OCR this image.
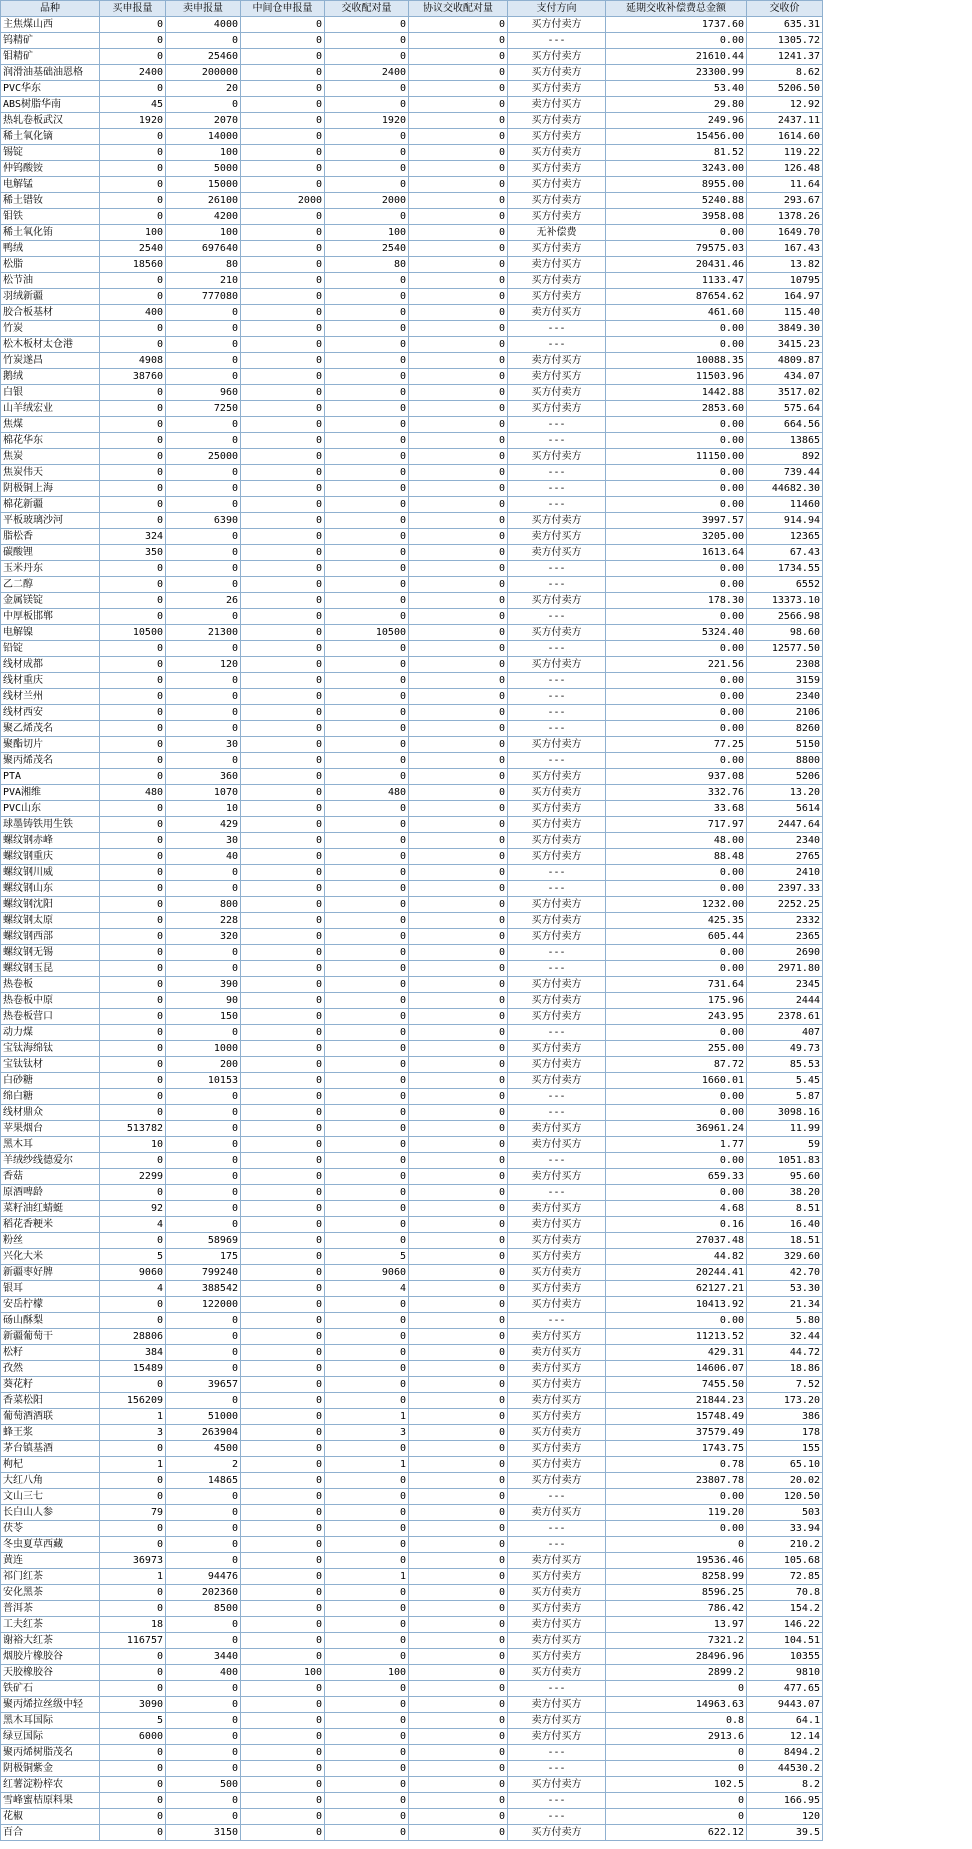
品种	买申报量	卖申报量	中间仓申报量	交收配对量	协议交收配对量	支付方向	延期交收补偿费总金额	交收价
主焦煤山西	0	4000	0	0	0	买方付卖方	1737.60	635.31
钨精矿	0	0	0	0	0	---	0.00	1305.72
钼精矿	0	25460	0	0	0	买方付卖方	21610.44	1241.37
润滑油基础油恩格	2400	200000	0	2400	0	买方付卖方	23300.99	8.62
PVC华东	0	20	0	0	0	买方付卖方	53.40	5206.50
ABS树脂华南	45	0	0	0	0	卖方付买方	29.80	12.92
热轧卷板武汉	1920	2070	0	1920	0	买方付卖方	249.96	2437.11
稀土氧化镝	0	14000	0	0	0	买方付卖方	15456.00	1614.60
锡锭	0	100	0	0	0	买方付卖方	81.52	119.22
仲钨酸铵	0	5000	0	0	0	买方付卖方	3243.00	126.48
电解锰	0	15000	0	0	0	买方付卖方	8955.00	11.64
稀土镨钕	0	26100	2000	2000	0	买方付卖方	5240.88	293.67
钼铁	0	4200	0	0	0	买方付卖方	3958.08	1378.26
稀土氧化铕	100	100	0	100	0	无补偿费	0.00	1649.70
鸭绒	2540	697640	0	2540	0	买方付卖方	79575.03	167.43
松脂	18560	80	0	80	0	卖方付买方	20431.46	13.82
松节油	0	210	0	0	0	买方付卖方	1133.47	10795
羽绒新疆	0	777080	0	0	0	买方付卖方	87654.62	164.97
胶合板基材	400	0	0	0	0	卖方付买方	461.60	115.40
竹炭	0	0	0	0	0	---	0.00	3849.30
松木板材太仓港	0	0	0	0	0	---	0.00	3415.23
竹炭遂昌	4908	0	0	0	0	卖方付买方	10088.35	4809.87
鹅绒	38760	0	0	0	0	卖方付买方	11503.96	434.07
白银	0	960	0	0	0	买方付卖方	1442.88	3517.02
山羊绒宏业	0	7250	0	0	0	买方付卖方	2853.60	575.64
焦煤	0	0	0	0	0	---	0.00	664.56
棉花华东	0	0	0	0	0	---	0.00	13865
焦炭	0	25000	0	0	0	买方付卖方	11150.00	892
焦炭伟天	0	0	0	0	0	---	0.00	739.44
阴极铜上海	0	0	0	0	0	---	0.00	44682.30
棉花新疆	0	0	0	0	0	---	0.00	11460
平板玻璃沙河	0	6390	0	0	0	买方付卖方	3997.57	914.94
脂松香	324	0	0	0	0	卖方付买方	3205.00	12365
碳酸锂	350	0	0	0	0	卖方付买方	1613.64	67.43
玉米丹东	0	0	0	0	0	---	0.00	1734.55
乙二醇	0	0	0	0	0	---	0.00	6552
金属镁锭	0	26	0	0	0	买方付卖方	178.30	13373.10
中厚板邯郸	0	0	0	0	0	---	0.00	2566.98
电解镍	10500	21300	0	10500	0	买方付卖方	5324.40	98.60
铅锭	0	0	0	0	0	---	0.00	12577.50
线材成都	0	120	0	0	0	买方付卖方	221.56	2308
线材重庆	0	0	0	0	0	---	0.00	3159
线材兰州	0	0	0	0	0	---	0.00	2340
线材西安	0	0	0	0	0	---	0.00	2106
聚乙烯茂名	0	0	0	0	0	---	0.00	8260
聚酯切片	0	30	0	0	0	买方付卖方	77.25	5150
聚丙烯茂名	0	0	0	0	0	---	0.00	8800
PTA	0	360	0	0	0	买方付卖方	937.08	5206
PVA湘维	480	1070	0	480	0	买方付卖方	332.76	13.20
PVC山东	0	10	0	0	0	买方付卖方	33.68	5614
球墨铸铁用生铁	0	429	0	0	0	买方付卖方	717.97	2447.64
螺纹钢赤峰	0	30	0	0	0	买方付卖方	48.00	2340
螺纹钢重庆	0	40	0	0	0	买方付卖方	88.48	2765
螺纹钢川威	0	0	0	0	0	---	0.00	2410
螺纹钢山东	0	0	0	0	0	---	0.00	2397.33
螺纹钢沈阳	0	800	0	0	0	买方付卖方	1232.00	2252.25
螺纹钢太原	0	228	0	0	0	买方付卖方	425.35	2332
螺纹钢西部	0	320	0	0	0	买方付卖方	605.44	2365
螺纹钢无锡	0	0	0	0	0	---	0.00	2690
螺纹钢玉昆	0	0	0	0	0	---	0.00	2971.80
热卷板	0	390	0	0	0	买方付卖方	731.64	2345
热卷板中原	0	90	0	0	0	买方付卖方	175.96	2444
热卷板营口	0	150	0	0	0	买方付卖方	243.95	2378.61
动力煤	0	0	0	0	0	---	0.00	407
宝钛海绵钛	0	1000	0	0	0	买方付卖方	255.00	49.73
宝钛钛材	0	200	0	0	0	买方付卖方	87.72	85.53
白砂糖	0	10153	0	0	0	买方付卖方	1660.01	5.45
绵白糖	0	0	0	0	0	---	0.00	5.87
线材鼎众	0	0	0	0	0	---	0.00	3098.16
苹果烟台	513782	0	0	0	0	卖方付买方	36961.24	11.99
黑木耳	10	0	0	0	0	卖方付买方	1.77	59
羊绒纱线德爱尔	0	0	0	0	0	---	0.00	1051.83
香菇	2299	0	0	0	0	卖方付买方	659.33	95.60
原酒啤龄	0	0	0	0	0	---	0.00	38.20
菜籽油红蜻蜓	92	0	0	0	0	卖方付买方	4.68	8.51
稻花香粳米	4	0	0	0	0	卖方付买方	0.16	16.40
粉丝	0	58969	0	0	0	买方付卖方	27037.48	18.51
兴化大米	5	175	0	5	0	买方付卖方	44.82	329.60
新疆枣好牌	9060	799240	0	9060	0	买方付卖方	20244.41	42.70
银耳	4	388542	0	4	0	买方付卖方	62127.21	53.30
安岳柠檬	0	122000	0	0	0	买方付卖方	10413.92	21.34
砀山酥梨	0	0	0	0	0	---	0.00	5.80
新疆葡萄干	28806	0	0	0	0	卖方付买方	11213.52	32.44
松籽	384	0	0	0	0	卖方付买方	429.31	44.72
孜然	15489	0	0	0	0	卖方付买方	14606.07	18.86
葵花籽	0	39657	0	0	0	买方付卖方	7455.50	7.52
香菜松阳	156209	0	0	0	0	卖方付买方	21844.23	173.20
葡萄酒酒联	1	51000	0	1	0	买方付卖方	15748.49	386
蜂王浆	3	263904	0	3	0	买方付卖方	37579.49	178
茅台镇基酒	0	4500	0	0	0	买方付卖方	1743.75	155
枸杞	1	2	0	1	0	买方付卖方	0.78	65.10
大红八角	0	14865	0	0	0	买方付卖方	23807.78	20.02
文山三七	0	0	0	0	0	---	0.00	120.50
长白山人参	79	0	0	0	0	卖方付买方	119.20	503
茯苓	0	0	0	0	0	---	0.00	33.94
冬虫夏草西藏	0	0	0	0	0	---	0	210.2
黄连	36973	0	0	0	0	卖方付买方	19536.46	105.68
祁门红茶	1	94476	0	1	0	买方付卖方	8258.99	72.85
安化黑茶	0	202360	0	0	0	买方付卖方	8596.25	70.8
普洱茶	0	8500	0	0	0	买方付卖方	786.42	154.2
工夫红茶	18	0	0	0	0	卖方付买方	13.97	146.22
谢裕大红茶	116757	0	0	0	0	卖方付买方	7321.2	104.51
烟胶片橡胶谷	0	3440	0	0	0	买方付卖方	28496.96	10355
天胶橡胶谷	0	400	100	100	0	买方付卖方	2899.2	9810
铁矿石	0	0	0	0	0	---	0	477.65
聚丙烯拉丝级中轻	3090	0	0	0	0	卖方付买方	14963.63	9443.07
黑木耳国际	5	0	0	0	0	卖方付买方	0.8	64.1
绿豆国际	6000	0	0	0	0	卖方付买方	2913.6	12.14
聚丙烯树脂茂名	0	0	0	0	0	---	0	8494.2
阴极铜紫金	0	0	0	0	0	---	0	44530.2
红薯淀粉梓农	0	500	0	0	0	买方付卖方	102.5	8.2
雪峰蜜桔原料果	0	0	0	0	0	---	0	166.95
花椒	0	0	0	0	0	---	0	120
百合	0	3150	0	0	0	买方付卖方	622.12	39.5
